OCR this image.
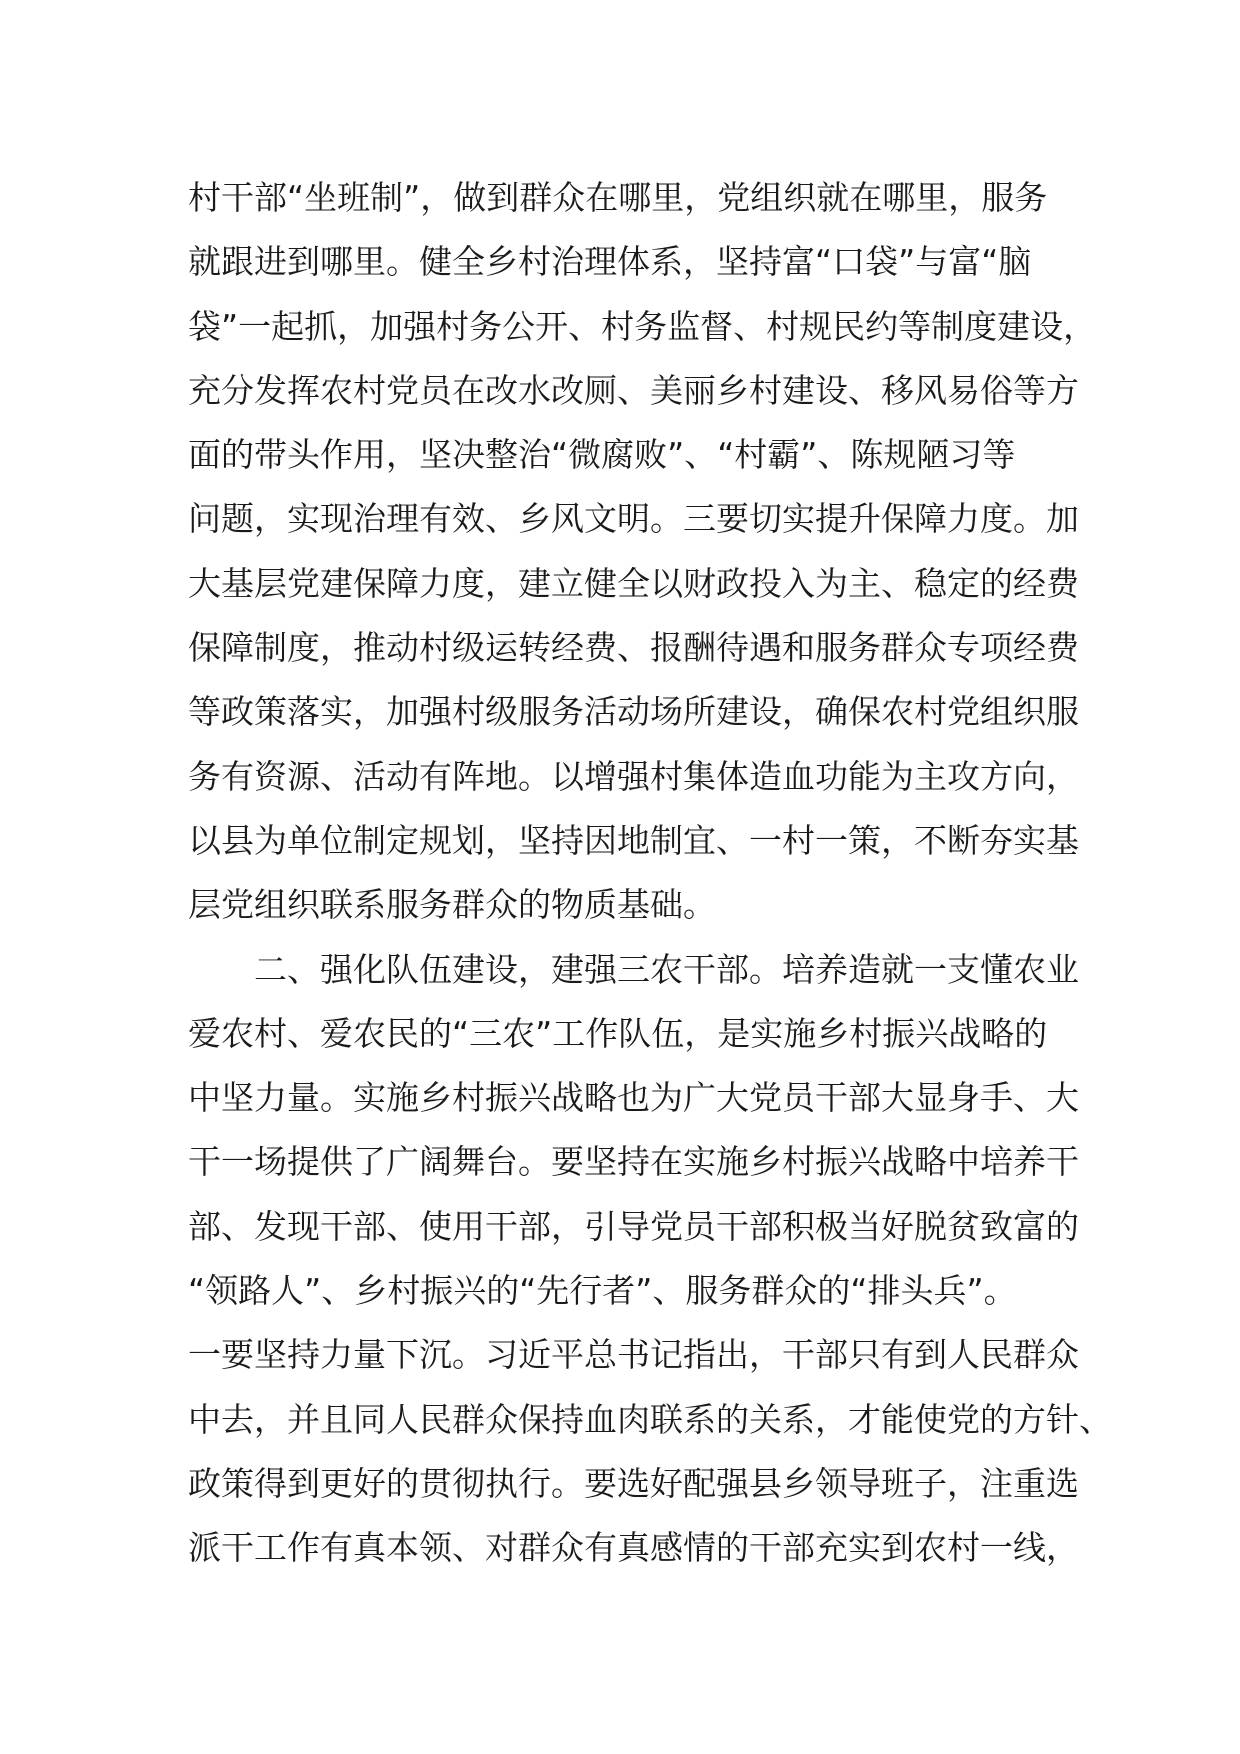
村干部“坐班制”，做到群众在哪里，党组织就在哪里，服务
就跟进到哪里。健全乡村治理体系，坚持富“口袋”与富“脑
袋”一起抓，加强村务公开、村务监督、村规民约等制度建设，
充分发挥农村党员在改水改厕、美丽乡村建设、移风易俗等方
面的带头作用，坚决整治“微腐败”、“村霸”、陈规陋习等
问题，实现治理有效、乡风文明。三要切实提升保障力度。加
大基层党建保障力度，建立健全以财政投入为主、稳定的经费
保障制度，推动村级运转经费、报酬待遇和服务群众专项经费
等政策落实，加强村级服务活动场所建设，确保农村党组织服
务有资源、活动有阵地。以增强村集体造血功能为主攻方向，
以县为单位制定规划，坚持因地制宜、一村一策，不断夯实基
层党组织联系服务群众的物质基础。
二、强化队伍建设，建强三农干部。培养造就一支懂农业
爱农村、爱农民的“三农”工作队伍，是实施乡村振兴战略的
中坚力量。实施乡村振兴战略也为广大党员干部大显身手、大
干一场提供了广阔舞台。要坚持在实施乡村振兴战略中培养干
部、发现干部、使用干部，引导党员干部积极当好脱贫致富的
“领路人”、乡村振兴的“先行者”、服务群众的“排头兵”。
一要坚持力量下沉。习近平总书记指出，干部只有到人民群众
中去，并且同人民群众保持血肉联系的关系，才能使党的方针、
政策得到更好的贯彻执行。要选好配强县乡领导班子，注重选
派干工作有真本领、对群众有真感情的干部充实到农村一线，
